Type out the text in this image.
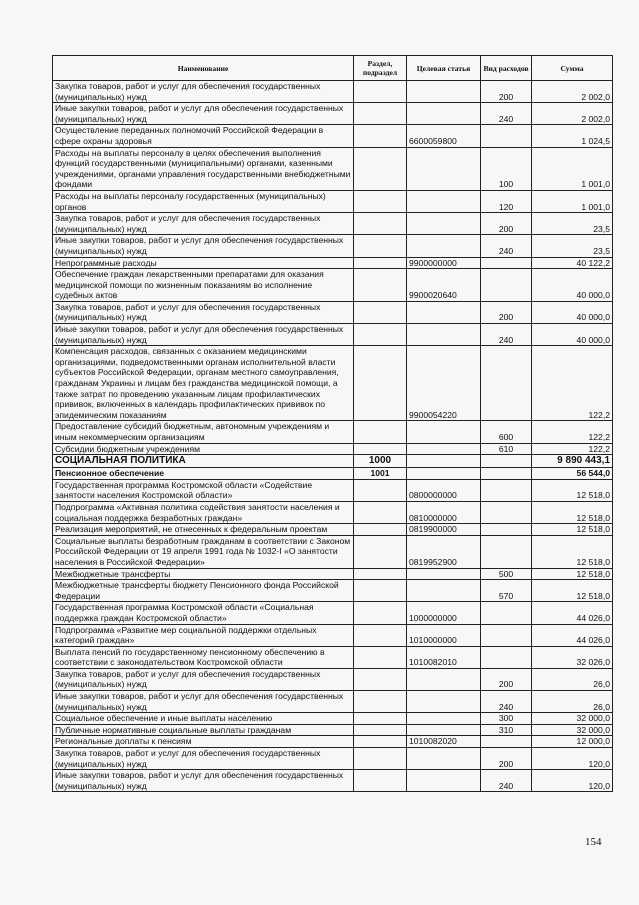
Наименование	Раздел, подраздел	Целевая статья	Вид расходов	Сумма
Закупка товаров, работ и услуг для обеспечения государственных (муниципальных) нужд			200	2 002,0
Иные закупки товаров, работ и услуг для обеспечения государственных (муниципальных) нужд			240	2 002,0
Осуществление переданных полномочий Российской Федерации в сфере охраны здоровья		6600059800		1 024,5
Расходы на выплаты персоналу в целях обеспечения выполнения функций государственными (муниципальными) органами, казенными учреждениями, органами управления государственными внебюджетными фондами			100	1 001,0
Расходы на выплаты персоналу государственных (муниципальных) органов			120	1 001,0
Закупка товаров, работ и услуг для обеспечения государственных (муниципальных) нужд			200	23,5
Иные закупки товаров, работ и услуг для обеспечения государственных (муниципальных) нужд			240	23,5
Непрограммные расходы		9900000000		40 122,2
Обеспечение граждан лекарственными препаратами для оказания медицинской помощи по жизненным показаниям во исполнение судебных актов		9900020640		40 000,0
Закупка товаров, работ и услуг для обеспечения государственных (муниципальных) нужд			200	40 000,0
Иные закупки товаров, работ и услуг для обеспечения государственных (муниципальных) нужд			240	40 000,0
Компенсация расходов, связанных с оказанием медицинскими организациями, подведомственными органам исполнительной власти субъектов Российской Федерации, органам местного самоуправления, гражданам Украины и лицам без гражданства медицинской помощи, а также затрат по проведению указанным лицам профилактических прививок, включенных в календарь профилактических прививок по эпидемическим показаниям		9900054220		122,2
Предоставление субсидий бюджетным, автономным учреждениям и иным некоммерческим организациям			600	122,2
Субсидии бюджетным учреждениям			610	122,2
СОЦИАЛЬНАЯ ПОЛИТИКА	1000			9 890 443,1
Пенсионное обеспечение	1001			56 544,0
Государственная программа Костромской области «Содействие занятости населения Костромской области»		0800000000		12 518,0
Подпрограмма «Активная политика содействия занятости населения и социальная поддержка безработных граждан»		0810000000		12 518,0
Реализация мероприятий, не отнесенных к федеральным проектам		0819900000		12 518,0
Социальные выплаты безработным гражданам в соответствии с Законом Российской Федерации от 19 апреля 1991 года № 1032-I «О занятости населения в Российской Федерации»		0819952900		12 518,0
Межбюджетные трансферты			500	12 518,0
Межбюджетные трансферты бюджету Пенсионного фонда Российской Федерации			570	12 518,0
Государственная программа Костромской области «Социальная поддержка граждан Костромской области»		1000000000		44 026,0
Подпрограмма «Развитие мер социальной поддержки отдельных категорий граждан»		1010000000		44 026,0
Выплата пенсий по государственному пенсионному обеспечению в соответствии с законодательством Костромской области		1010082010		32 026,0
Закупка товаров, работ и услуг для обеспечения государственных (муниципальных) нужд			200	26,0
Иные закупки товаров, работ и услуг для обеспечения государственных (муниципальных) нужд			240	26,0
Социальное обеспечение и иные выплаты населению			300	32 000,0
Публичные нормативные социальные выплаты гражданам			310	32 000,0
Региональные доплаты к пенсиям		1010082020		12 000,0
Закупка товаров, работ и услуг для обеспечения государственных (муниципальных) нужд			200	120,0
Иные закупки товаров, работ и услуг для обеспечения государственных (муниципальных) нужд			240	120,0
154
